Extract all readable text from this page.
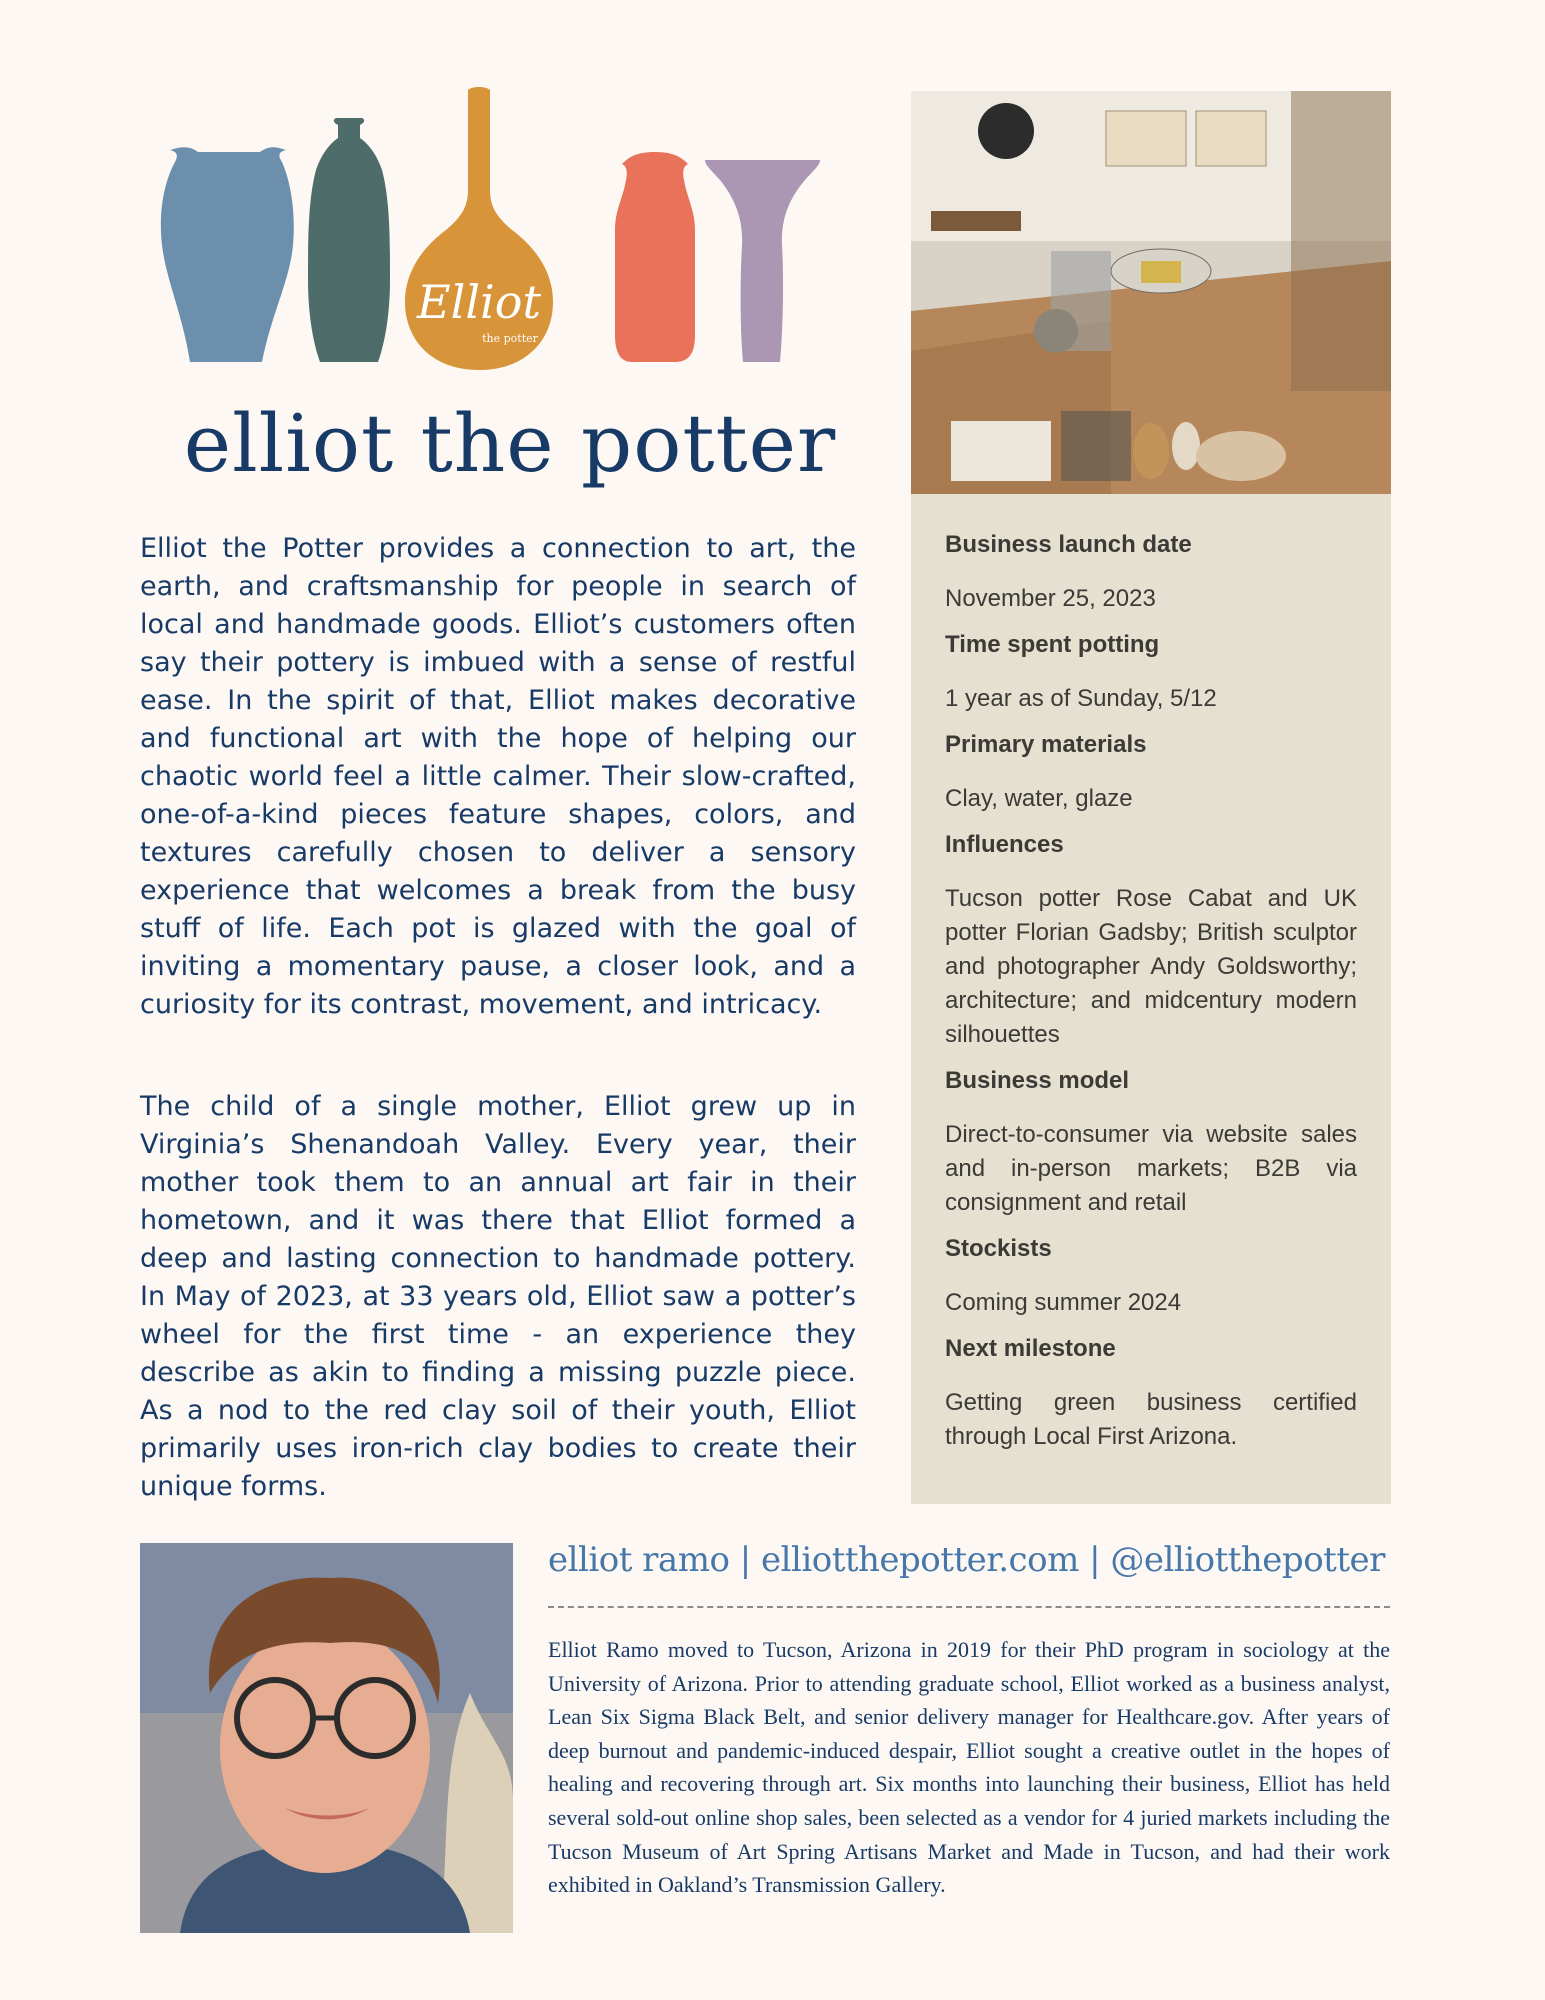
Elliot
the potter
elliot the potter

Elliot the Potter provides a connection to art, the earth, and craftsmanship for people in search of local and handmade goods. Elliot’s customers often say their pottery is imbued with a sense of restful ease. In the spirit of that, Elliot makes decorative and functional art with the hope of helping our chaotic world feel a little calmer. Their slow-crafted, one-of-a-kind pieces feature shapes, colors, and textures carefully chosen to deliver a sensory experience that welcomes a break from the busy stuff of life. Each pot is glazed with the goal of inviting a momentary pause, a closer look, and a curiosity for its contrast, movement, and intricacy.

The child of a single mother, Elliot grew up in Virginia’s Shenandoah Valley. Every year, their mother took them to an annual art fair in their hometown, and it was there that Elliot formed a deep and lasting connection to handmade pottery. In May of 2023, at 33 years old, Elliot saw a potter’s wheel for the first time - an experience they describe as akin to finding a missing puzzle piece. As a nod to the red clay soil of their youth, Elliot primarily uses iron-rich clay bodies to create their unique forms.

Business launch date
November 25, 2023
Time spent potting
1 year as of Sunday, 5/12
Primary materials
Clay, water, glaze
Influences
Tucson potter Rose Cabat and UK potter Florian Gadsby; British sculptor and photographer Andy Goldsworthy; architecture; and midcentury modern silhouettes
Business model
Direct-to-consumer via website sales and in-person markets; B2B via consignment and retail
Stockists
Coming summer 2024
Next milestone
Getting green business certified through Local First Arizona.
elliot ramo | elliotthepotter.com | @elliotthepotter

Elliot Ramo moved to Tucson, Arizona in 2019 for their PhD program in sociology at the University of Arizona. Prior to attending graduate school, Elliot worked as a business analyst, Lean Six Sigma Black Belt, and senior delivery manager for Healthcare.gov. After years of deep burnout and pandemic-induced despair, Elliot sought a creative outlet in the hopes of healing and recovering through art. Six months into launching their business, Elliot has held several sold-out online shop sales, been selected as a vendor for 4 juried markets including the Tucson Museum of Art Spring Artisans Market and Made in Tucson, and had their work exhibited in Oakland’s Transmission Gallery.
